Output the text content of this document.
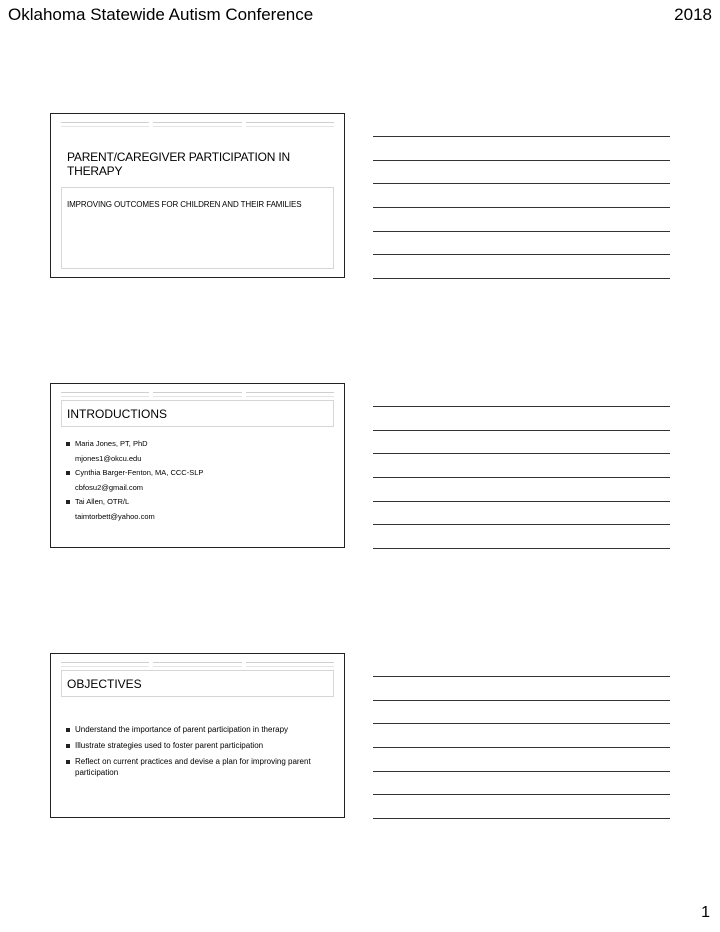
Oklahoma Statewide Autism Conference	2018
PARENT/CAREGIVER PARTICIPATION IN THERAPY
IMPROVING OUTCOMES FOR CHILDREN AND THEIR FAMILIES
INTRODUCTIONS
Maria Jones, PT, PhD
mjones1@okcu.edu
Cynthia Barger-Fenton, MA, CCC-SLP
cbfosu2@gmail.com
Tai Allen, OTR/L
taimtorbett@yahoo.com
OBJECTIVES
Understand the importance of parent participation in therapy
Illustrate strategies used to foster parent participation
Reflect on current practices and devise a plan for improving parent participation
1
